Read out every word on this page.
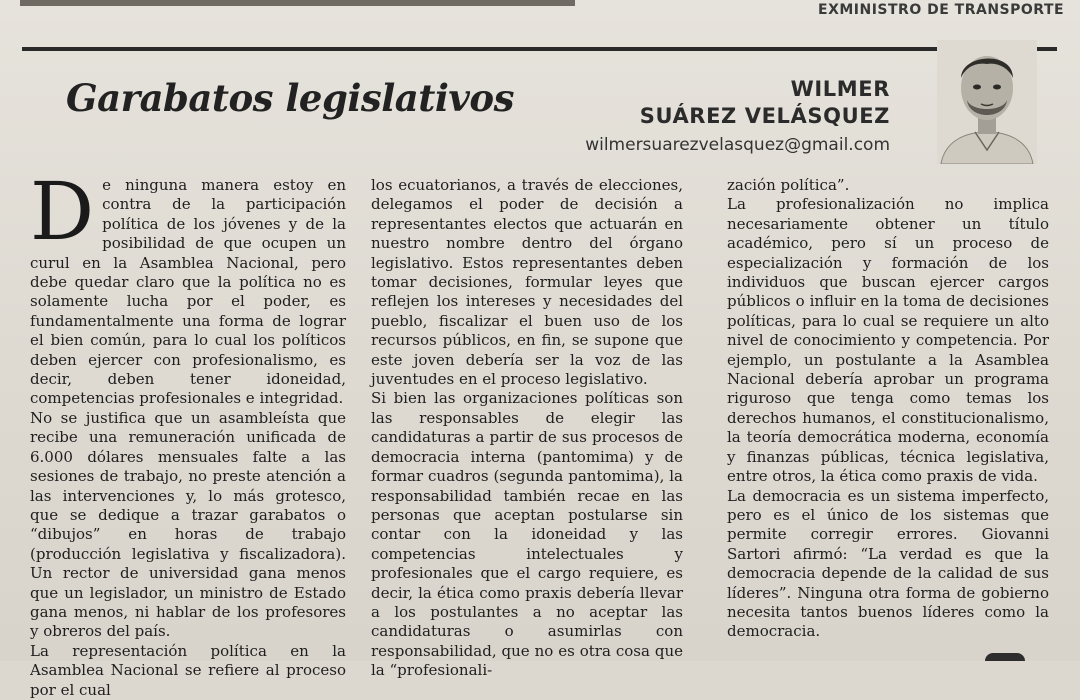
EXMINISTRO DE TRANSPORTE
Garabatos legislativos	WILMER
SUÁREZ VELÁSQUEZ
wilmersuarezvelasquez@gmail.com

De ninguna manera estoy en contra de la participación política de los jóvenes y de la posibilidad de que ocupen un curul en la Asamblea Nacional, pero debe quedar claro que la política no es solamente lucha por el poder, es fundamentalmente una forma de lograr el bien común, para lo cual los políticos deben ejercer con profesionalismo, es decir, deben tener idoneidad, competencias profesionales e integridad.

No se justifica que un asambleísta que recibe una remuneración unificada de 6.000 dólares mensuales falte a las sesiones de trabajo, no preste atención a las intervenciones y, lo más grotesco, que se dedique a trazar garabatos o “dibujos” en horas de trabajo (producción legislativa y fiscalizadora). Un rector de universidad gana menos que un legislador, un ministro de Estado gana menos, ni hablar de los profesores y obreros del país.

La representación política en la Asamblea Nacional se refiere al proceso por el cual

los ecuatorianos, a través de elecciones, delegamos el poder de decisión a representantes electos que actuarán en nuestro nombre dentro del órgano legislativo. Estos representantes deben tomar decisiones, formular leyes que reflejen los intereses y necesidades del pueblo, fiscalizar el buen uso de los recursos públicos, en fin, se supone que este joven debería ser la voz de las juventudes en el proceso legislativo.

Si bien las organizaciones políticas son las responsables de elegir las candidaturas a partir de sus procesos de democracia interna (pantomima) y de formar cuadros (segunda pantomima), la responsabilidad también recae en las personas que aceptan postularse sin contar con la idoneidad y las competencias intelectuales y profesionales que el cargo requiere, es decir, la ética como praxis debería llevar a los postulantes a no aceptar las candidaturas o asumirlas con responsabilidad, que no es otra cosa que la “profesionali-

zación política”.

La profesionalización no implica necesariamente obtener un título académico, pero sí un proceso de especialización y formación de los individuos que buscan ejercer cargos públicos o influir en la toma de decisiones políticas, para lo cual se requiere un alto nivel de conocimiento y competencia. Por ejemplo, un postulante a la Asamblea Nacional debería aprobar un programa riguroso que tenga como temas los derechos humanos, el constitucionalismo, la teoría democrática moderna, economía y finanzas públicas, técnica legislativa, entre otros, la ética como praxis de vida.

La democracia es un sistema imperfecto, pero es el único de los sistemas que permite corregir errores. Giovanni Sartori afirmó: “La verdad es que la democracia depende de la calidad de sus líderes”. Ninguna otra forma de gobierno necesita tantos buenos líderes como la democracia.
